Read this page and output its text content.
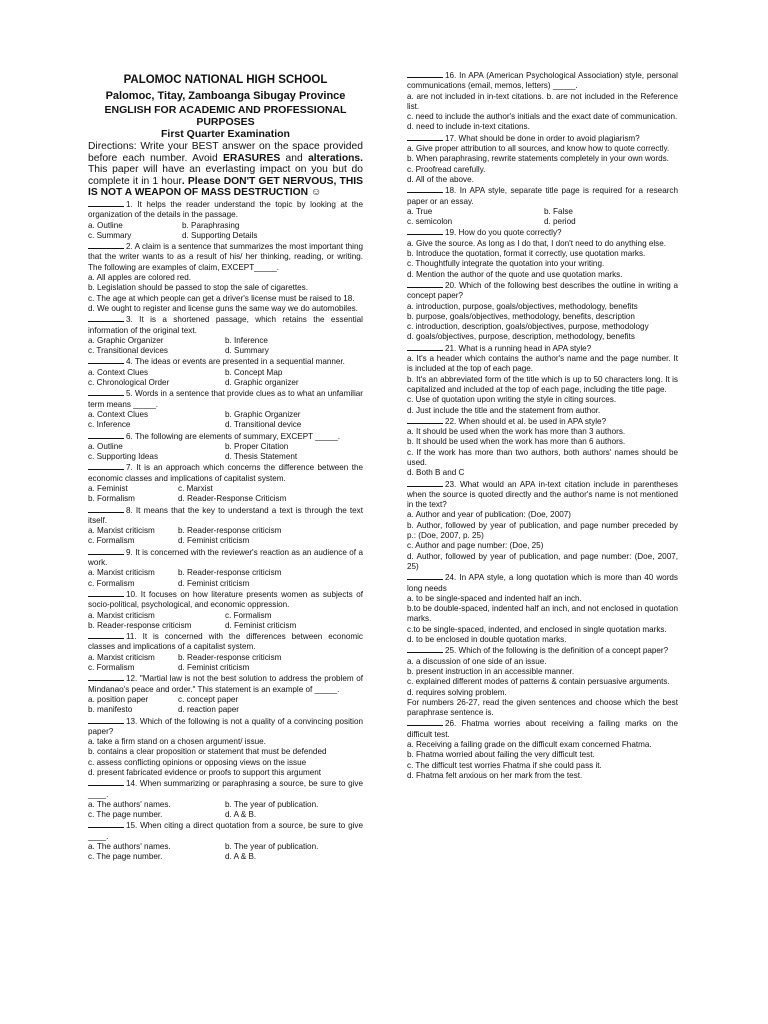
PALOMOC NATIONAL HIGH SCHOOL
Palomoc, Titay, Zamboanga Sibugay Province
ENGLISH FOR ACADEMIC AND PROFESSIONAL
PURPOSES
First Quarter Examination

Directions: Write your BEST answer on the space provided before each number. Avoid ERASURES and alterations. This paper will have an everlasting impact on you but do complete it in 1 hour. Please DON'T GET NERVOUS, THIS IS NOT A WEAPON OF MASS DESTRUCTION ☺

1. It helps the reader understand the topic by looking at the organization of the details in the passage.
a. Outline	b. Paraphrasing
c. Summary	d. Supporting Details
2. A claim is a sentence that summarizes the most important thing that the writer wants to as a result of his/ her thinking, reading, or writing. The following are examples of claim, EXCEPT_____.
a. All apples are colored red.
b. Legislation should be passed to stop the sale of cigarettes.
c. The age at which people can get a driver's license must be raised to 18.
d. We ought to register and license guns the same way we do automobiles.
3. It is a shortened passage, which retains the essential information of the original text.
a. Graphic Organizer	b. Inference
c. Transitional devices	d. Summary
4. The ideas or events are presented in a sequential manner.
a. Context Clues	b. Concept Map
c. Chronological Order	d. Graphic organizer
5. Words in a sentence that provide clues as to what an unfamiliar term means _____.
a. Context Clues	b. Graphic Organizer
c. Inference	d. Transitional device
6. The following are elements of summary, EXCEPT _____.
a. Outline	b. Proper Citation
c. Supporting Ideas	d. Thesis Statement
7. It is an approach which concerns the difference between the economic classes and implications of capitalist system.
a. Feminist	c. Marxist
b. Formalism	d. Reader-Response Criticism
8. It means that the key to understand a text is through the text itself.
a. Marxist criticism	b. Reader-response criticism
c. Formalism	d. Feminist criticism
9. It is concerned with the reviewer's reaction as an audience of a work.
a. Marxist criticism	b. Reader-response criticism
c. Formalism	d. Feminist criticism
10. It focuses on how literature presents women as subjects of socio-political, psychological, and economic oppression.
a. Marxist criticism	c. Formalism
b. Reader-response criticism	d. Feminist criticism
11. It is concerned with the differences between economic classes and implications of a capitalist system.
a. Marxist criticism	b. Reader-response criticism
c. Formalism	d. Feminist criticism
12. "Martial law is not the best solution to address the problem of Mindanao's peace and order." This statement is an example of _____.
a. position paper	c. concept paper
b. manifesto	d. reaction paper
13. Which of the following is not a quality of a convincing position paper?
a. take a firm stand on a chosen argument/ issue.
b. contains a clear proposition or statement that must be defended
c. assess conflicting opinions or opposing views on the issue
d. present fabricated evidence or proofs to support this argument
14. When summarizing or paraphrasing a source, be sure to give ____.
a. The authors' names.	b. The year of publication.
c. The page number.	d. A & B.
15. When citing a direct quotation from a source, be sure to give ____.
a. The authors' names.	b. The year of publication.
c. The page number.	d. A & B.
16. In APA (American Psychological Association) style, personal communications (email, memos, letters) _____.
a. are not included in in-text citations. b. are not included in the Reference list.
c. need to include the author's initials and the exact date of communication.
d. need to include in-text citations.
17. What should be done in order to avoid plagiarism?
a. Give proper attribution to all sources, and know how to quote correctly.
b. When paraphrasing, rewrite statements completely in your own words.
c. Proofread carefully.
d. All of the above.
18. In APA style, separate title page is required for a research paper or an essay.
a. True	b. False
c. semicolon	d. period
19. How do you quote correctly?
a. Give the source. As long as I do that, I don't need to do anything else.
b. Introduce the quotation, format it correctly, use quotation marks.
c. Thoughtfully integrate the quotation into your writing.
d. Mention the author of the quote and use quotation marks.
20. Which of the following best describes the outline in writing a concept paper?
a. introduction, purpose, goals/objectives, methodology, benefits
b. purpose, goals/objectives, methodology, benefits, description
c. introduction, description, goals/objectives, purpose, methodology
d. goals/objectives, purpose, description, methodology, benefits
21. What is a running head in APA style?
a. It's a header which contains the author's name and the page number. It is included at the top of each page.
b. It's an abbreviated form of the title which is up to 50 characters long. It is capitalized and included at the top of each page, including the title page.
c. Use of quotation upon writing the style in citing sources.
d. Just include the title and the statement from author.
22. When should et al. be used in APA style?
a. It should be used when the work has more than 3 authors.
b. It should be used when the work has more than 6 authors.
c. If the work has more than two authors, both authors' names should be used.
d. Both B and C
23. What would an APA in-text citation include in parentheses when the source is quoted directly and the author's name is not mentioned in the text?
a. Author and year of publication: (Doe, 2007)
b. Author, followed by year of publication, and page number preceded by p.: (Doe, 2007, p. 25)
c. Author and page number: (Doe, 25)
d. Author, followed by year of publication, and page number: (Doe, 2007, 25)
24. In APA style, a long quotation which is more than 40 words long needs
a. to be single-spaced and indented half an inch.
b.to be double-spaced, indented half an inch, and not enclosed in quotation marks.
c.to be single-spaced, indented, and enclosed in single quotation marks.
d. to be enclosed in double quotation marks.
25. Which of the following is the definition of a concept paper?
a. a discussion of one side of an issue.
b. present instruction in an accessible manner.
c. explained different modes of patterns & contain persuasive arguments.
d. requires solving problem.

For numbers 26-27, read the given sentences and choose which the best paraphrase sentence is.

26. Fhatma worries about receiving a failing marks on the difficult test.
a. Receiving a failing grade on the difficult exam concerned Fhatma.
b. Fhatma worried about failing the very difficult test.
c. The difficult test worries Fhatma if she could pass it.
d. Fhatma felt anxious on her mark from the test.
